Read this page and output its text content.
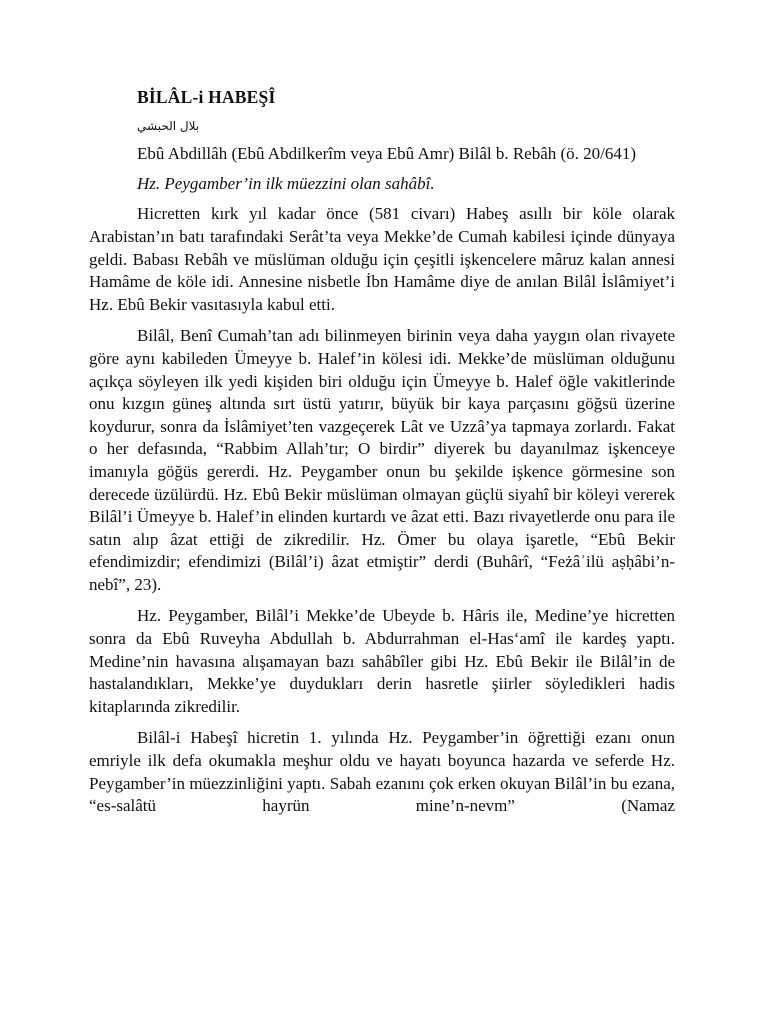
BİLÂL-i HABEŞÎ
بلال الحبشي

Ebû Abdillâh (Ebû Abdilkerîm veya Ebû Amr) Bilâl b. Rebâh (ö. 20/641)

Hz. Peygamber’in ilk müezzini olan sahâbî.

Hicretten kırk yıl kadar önce (581 civarı) Habeş asıllı bir köle olarak Arabistan’ın batı tarafındaki Serât’ta veya Mekke’de Cumah kabilesi içinde dünyaya geldi. Babası Rebâh ve müslüman olduğu için çeşitli işkencelere mâruz kalan annesi Hamâme de köle idi. Annesine nisbetle İbn Hamâme diye de anılan Bilâl İslâmiyet’i Hz. Ebû Bekir vasıtasıyla kabul etti.

Bilâl, Benî Cumah’tan adı bilinmeyen birinin veya daha yaygın olan rivayete göre aynı kabileden Ümeyye b. Halef’in kölesi idi. Mekke’de müslüman olduğunu açıkça söyleyen ilk yedi kişiden biri olduğu için Ümeyye b. Halef öğle vakitlerinde onu kızgın güneş altında sırt üstü yatırır, büyük bir kaya parçasını göğsü üzerine koydurur, sonra da İslâmiyet’ten vazgeçerek Lât ve Uzzâ’ya tapmaya zorlardı. Fakat o her defasında, “Rabbim Allah’tır; O birdir” diyerek bu dayanılmaz işkenceye imanıyla göğüs gererdi. Hz. Peygamber onun bu şekilde işkence görmesine son derecede üzülürdü. Hz. Ebû Bekir müslüman olmayan güçlü siyahî bir köleyi vererek Bilâl’i Ümeyye b. Halef’in elinden kurtardı ve âzat etti. Bazı rivayetlerde onu para ile satın alıp âzat ettiği de zikredilir. Hz. Ömer bu olaya işaretle, “Ebû Bekir efendimizdir; efendimizi (Bilâl’i) âzat etmiştir” derdi (Buhârî, “Feżâʾilü aṣḥâbi’n-nebî”, 23).

Hz. Peygamber, Bilâl’i Mekke’de Ubeyde b. Hâris ile, Medine’ye hicretten sonra da Ebû Ruveyha Abdullah b. Abdurrahman el-Has‘amî ile kardeş yaptı. Medine’nin havasına alışamayan bazı sahâbîler gibi Hz. Ebû Bekir ile Bilâl’in de hastalandıkları, Mekke’ye duydukları derin hasretle şiirler söyledikleri hadis kitaplarında zikredilir.

Bilâl-i Habeşî hicretin 1. yılında Hz. Peygamber’in öğrettiği ezanı onun emriyle ilk defa okumakla meşhur oldu ve hayatı boyunca hazarda ve seferde Hz. Peygamber’in müezzinliğini yaptı. Sabah ezanını çok erken okuyan Bilâl’in bu ezana, “es-salâtü hayrün mine’n-nevm” (Namaz
